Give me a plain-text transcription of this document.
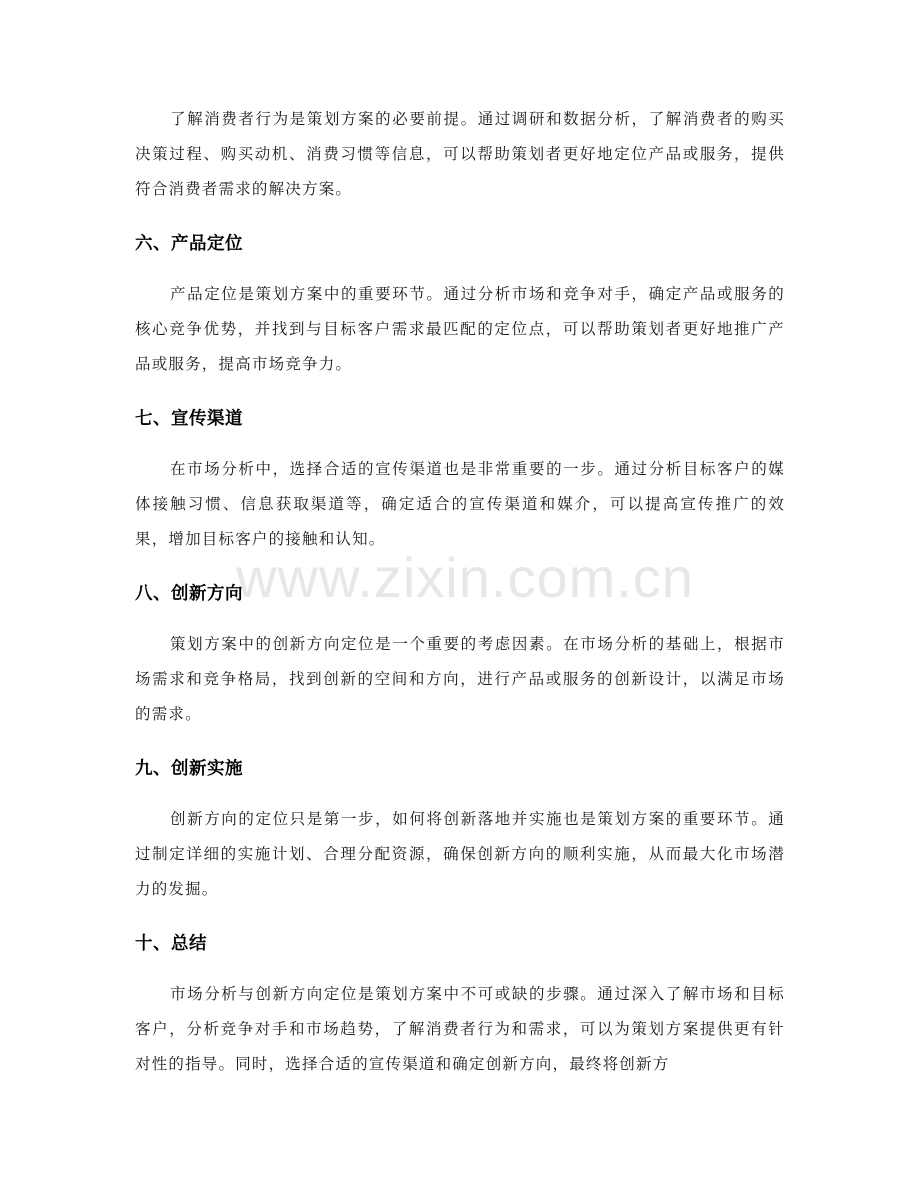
了解消费者行为是策划方案的必要前提。通过调研和数据分析，了解消费者的购买决策过程、购买动机、消费习惯等信息，可以帮助策划者更好地定位产品或服务，提供符合消费者需求的解决方案。

六、产品定位

产品定位是策划方案中的重要环节。通过分析市场和竞争对手，确定产品或服务的核心竞争优势，并找到与目标客户需求最匹配的定位点，可以帮助策划者更好地推广产品或服务，提高市场竞争力。

七、宣传渠道

在市场分析中，选择合适的宣传渠道也是非常重要的一步。通过分析目标客户的媒体接触习惯、信息获取渠道等，确定适合的宣传渠道和媒介，可以提高宣传推广的效果，增加目标客户的接触和认知。

八、创新方向

策划方案中的创新方向定位是一个重要的考虑因素。在市场分析的基础上，根据市场需求和竞争格局，找到创新的空间和方向，进行产品或服务的创新设计，以满足市场的需求。

九、创新实施

创新方向的定位只是第一步，如何将创新落地并实施也是策划方案的重要环节。通过制定详细的实施计划、合理分配资源，确保创新方向的顺利实施，从而最大化市场潜力的发掘。

十、总结

市场分析与创新方向定位是策划方案中不可或缺的步骤。通过深入了解市场和目标客户，分析竞争对手和市场趋势，了解消费者行为和需求，可以为策划方案提供更有针对性的指导。同时，选择合适的宣传渠道和确定创新方向，最终将创新方

www.zixin.com.cn
